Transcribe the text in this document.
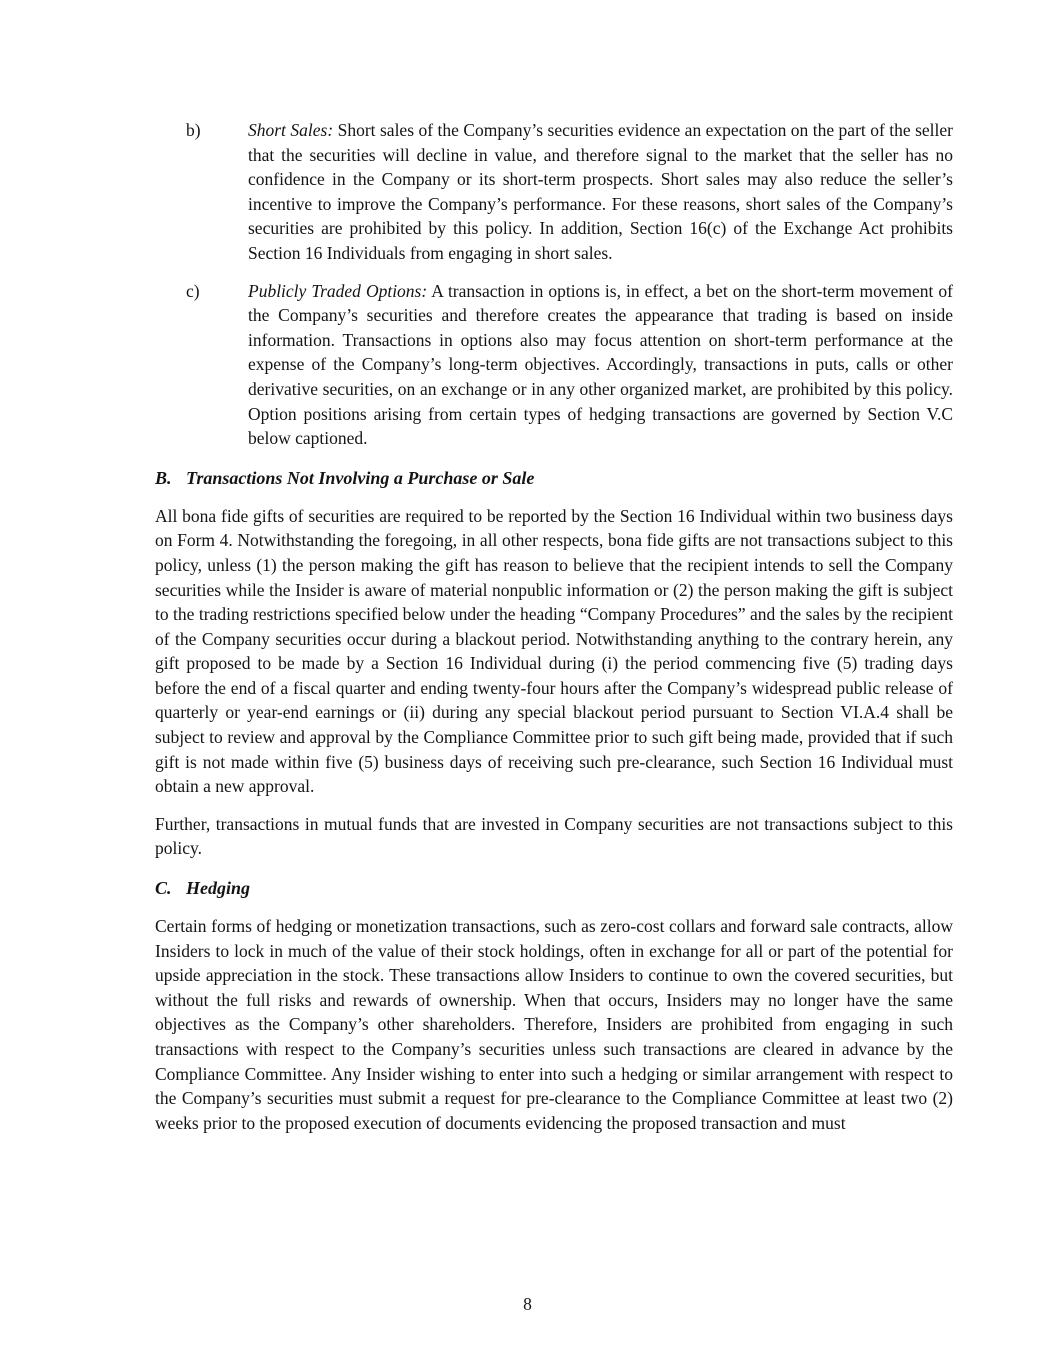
b)	Short Sales: Short sales of the Company’s securities evidence an expectation on the part of the seller that the securities will decline in value, and therefore signal to the market that the seller has no confidence in the Company or its short-term prospects. Short sales may also reduce the seller’s incentive to improve the Company’s performance. For these reasons, short sales of the Company’s securities are prohibited by this policy. In addition, Section 16(c) of the Exchange Act prohibits Section 16 Individuals from engaging in short sales.

c)	Publicly Traded Options: A transaction in options is, in effect, a bet on the short-term movement of the Company’s securities and therefore creates the appearance that trading is based on inside information. Transactions in options also may focus attention on short-term performance at the expense of the Company’s long-term objectives. Accordingly, transactions in puts, calls or other derivative securities, on an exchange or in any other organized market, are prohibited by this policy. Option positions arising from certain types of hedging transactions are governed by Section V.C below captioned.

B. Transactions Not Involving a Purchase or Sale

All bona fide gifts of securities are required to be reported by the Section 16 Individual within two business days on Form 4. Notwithstanding the foregoing, in all other respects, bona fide gifts are not transactions subject to this policy, unless (1) the person making the gift has reason to believe that the recipient intends to sell the Company securities while the Insider is aware of material nonpublic information or (2) the person making the gift is subject to the trading restrictions specified below under the heading “Company Procedures” and the sales by the recipient of the Company securities occur during a blackout period. Notwithstanding anything to the contrary herein, any gift proposed to be made by a Section 16 Individual during (i) the period commencing five (5) trading days before the end of a fiscal quarter and ending twenty-four hours after the Company’s widespread public release of quarterly or year-end earnings or (ii) during any special blackout period pursuant to Section VI.A.4 shall be subject to review and approval by the Compliance Committee prior to such gift being made, provided that if such gift is not made within five (5) business days of receiving such pre-clearance, such Section 16 Individual must obtain a new approval.

Further, transactions in mutual funds that are invested in Company securities are not transactions subject to this policy.

C. Hedging

Certain forms of hedging or monetization transactions, such as zero-cost collars and forward sale contracts, allow Insiders to lock in much of the value of their stock holdings, often in exchange for all or part of the potential for upside appreciation in the stock. These transactions allow Insiders to continue to own the covered securities, but without the full risks and rewards of ownership. When that occurs, Insiders may no longer have the same objectives as the Company’s other shareholders. Therefore, Insiders are prohibited from engaging in such transactions with respect to the Company’s securities unless such transactions are cleared in advance by the Compliance Committee. Any Insider wishing to enter into such a hedging or similar arrangement with respect to the Company’s securities must submit a request for pre-clearance to the Compliance Committee at least two (2) weeks prior to the proposed execution of documents evidencing the proposed transaction and must

8
